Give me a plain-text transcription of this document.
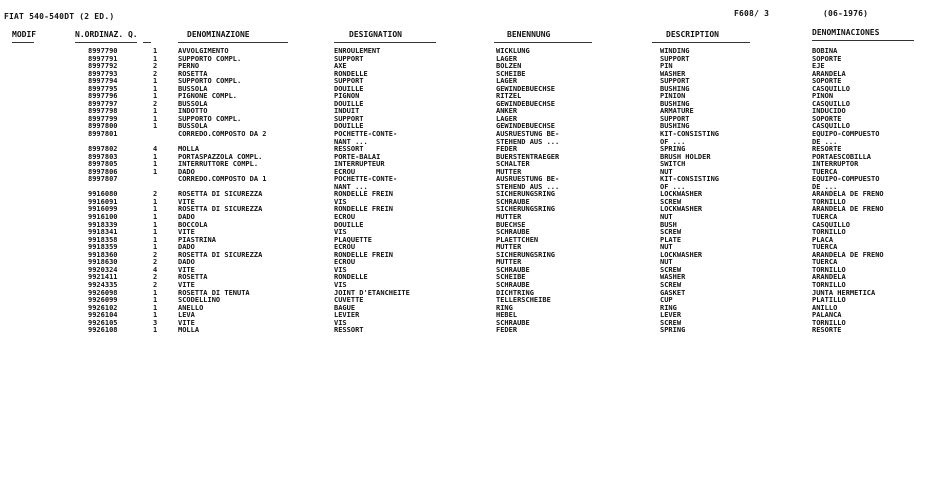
FIAT 540-540DT (2 ED.)	F608/ 3	(06-1976)
MODIF	N.ORDINAZ. Q.	DENOMINAZIONE	DESIGNATION	BENENNUNG	DESCRIPTION	DENOMINACIONES
8997790	1	AVVOLGIMENTO	ENROULEMENT	WICKLUNG	WINDING	BOBINA
8997791	1	SUPPORTO COMPL.	SUPPORT	LAGER	SUPPORT	SOPORTE
8997792	2	PERNO	AXE	BOLZEN	PIN	EJE
8997793	2	ROSETTA	RONDELLE	SCHEIBE	WASHER	ARANDELA
8997794	1	SUPPORTO COMPL.	SUPPORT	LAGER	SUPPORT	SOPORTE
8997795	1	BUSSOLA	DOUILLE	GEWINDEBUECHSE	BUSHING	CASQUILLO
8997796	1	PIGNONE COMPL.	PIGNON	RITZEL	PINION	PINON
8997797	2	BUSSOLA	DOUILLE	GEWINDEBUECHSE	BUSHING	CASQUILLO
8997798	1	INDOTTO	INDUIT	ANKER	ARMATURE	INDUCIDO
8997799	1	SUPPORTO COMPL.	SUPPORT	LAGER	SUPPORT	SOPORTE
8997800	1	BUSSOLA	DOUILLE	GEWINDEBUECHSE	BUSHING	CASQUILLO
8997801	CORREDO.COMPOSTO DA 2	POCHETTE-CONTE-	AUSRUESTUNG BE-	KIT-CONSISTING	EQUIPO-COMPUESTO
NANT ...	STEHEND AUS ...	OF ...	DE ...
8997802	4	MOLLA	RESSORT	FEDER	SPRING	RESORTE
8997803	1	PORTASPAZZOLA COMPL.	PORTE-BALAI	BUERSTENTRAEGER	BRUSH HOLDER	PORTAESCOBILLA
8997805	1	INTERRUTTORE COMPL.	INTERRUPTEUR	SCHALTER	SWITCH	INTERRUPTOR
8997806	1	DADO	ECROU	MUTTER	NUT	TUERCA
8997807	CORREDO.COMPOSTO DA 1	POCHETTE-CONTE-	AUSRUESTUNG BE-	KIT-CONSISTING	EQUIPO-COMPUESTO
NANT ...	STEHEND AUS ...	OF ...	DE ...
9916080	2	ROSETTA DI SICUREZZA	RONDELLE FREIN	SICHERUNGSRING	LOCKWASHER	ARANDELA DE FRENO
9916091	1	VITE	VIS	SCHRAUBE	SCREW	TORNILLO
9916099	1	ROSETTA DI SICUREZZA	RONDELLE FREIN	SICHERUNGSRING	LOCKWASHER	ARANDELA DE FRENO
9916100	1	DADO	ECROU	MUTTER	NUT	TUERCA
9918339	1	BOCCOLA	DOUILLE	BUECHSE	BUSH	CASQUILLO
9918341	1	VITE	VIS	SCHRAUBE	SCREW	TORNILLO
9918358	1	PIASTRINA	PLAQUETTE	PLAETTCHEN	PLATE	PLACA
9918359	1	DADO	ECROU	MUTTER	NUT	TUERCA
9918360	2	ROSETTA DI SICUREZZA	RONDELLE FREIN	SICHERUNGSRING	LOCKWASHER	ARANDELA DE FRENO
9918630	2	DADO	ECROU	MUTTER	NUT	TUERCA
9920324	4	VITE	VIS	SCHRAUBE	SCREW	TORNILLO
9921411	2	ROSETTA	RONDELLE	SCHEIBE	WASHER	ARANDELA
9924335	2	VITE	VIS	SCHRAUBE	SCREW	TORNILLO
9926098	1	ROSETTA DI TENUTA	JOINT D'ETANCHEITE	DICHTRING	GASKET	JUNTA HERMETICA
9926099	1	SCODELLINO	CUVETTE	TELLERSCHEIBE	CUP	PLATILLO
9926102	1	ANELLO	BAGUE	RING	RING	ANILLO
9926104	1	LEVA	LEVIER	HEBEL	LEVER	PALANCA
9926105	3	VITE	VIS	SCHRAUBE	SCREW	TORNILLO
9926108	1	MOLLA	RESSORT	FEDER	SPRING	RESORTE
